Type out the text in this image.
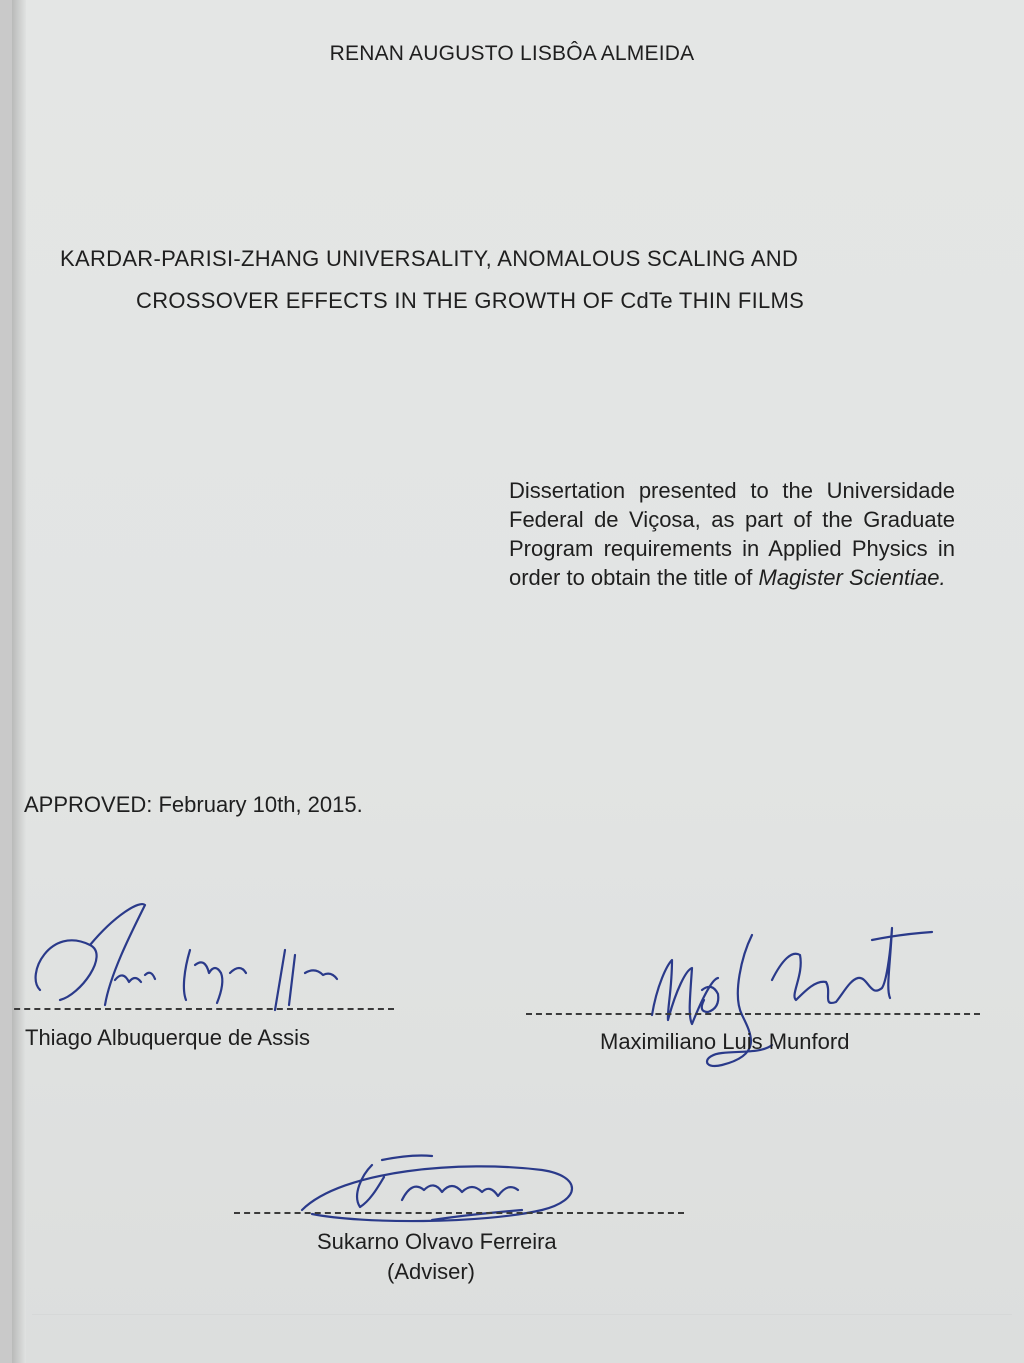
RENAN AUGUSTO LISBÔA ALMEIDA
KARDAR-PARISI-ZHANG UNIVERSALITY, ANOMALOUS SCALING AND
CROSSOVER EFFECTS IN THE GROWTH OF CdTe THIN FILMS
Dissertation presented to the Universidade Federal de Viçosa, as part of the Graduate Program requirements in Applied Physics in order to obtain the title of Magister Scientiae.
APPROVED: February 10th, 2015.
Thiago Albuquerque de Assis	Maximiliano Luis Munford
Sukarno Olvavo Ferreira
(Adviser)
